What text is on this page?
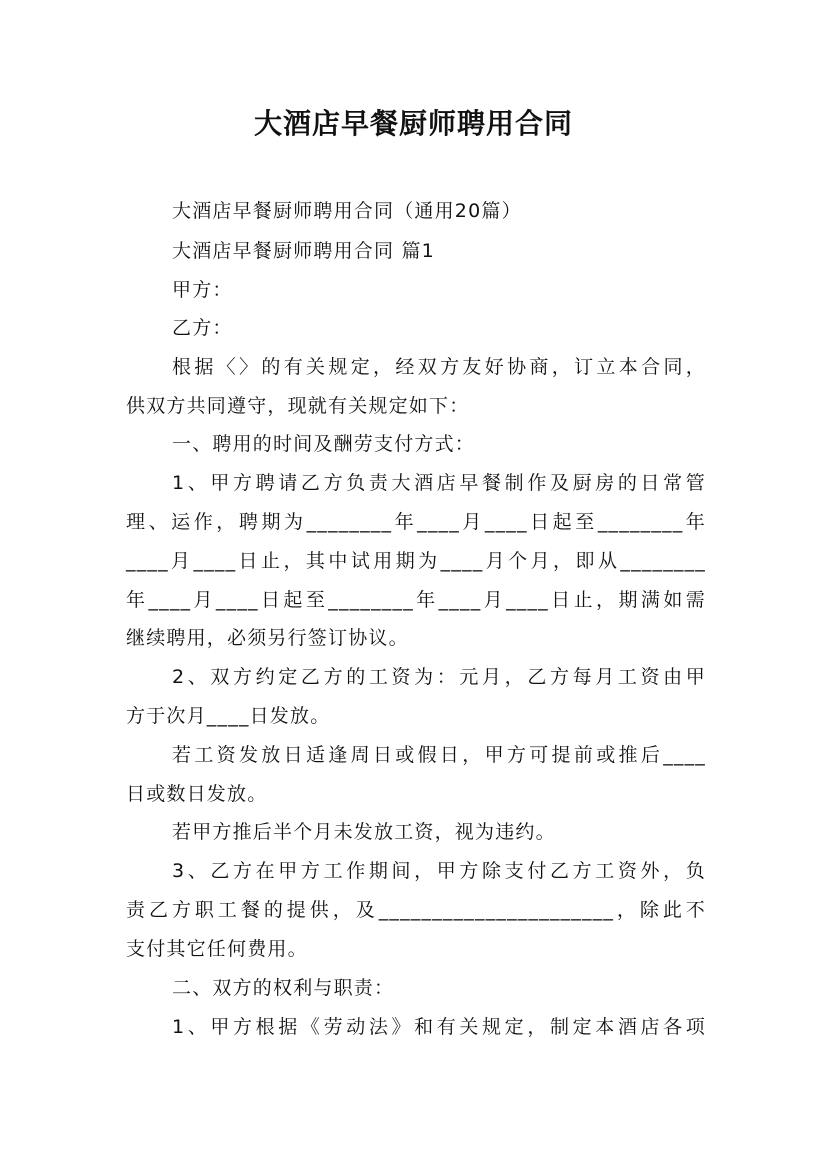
大酒店早餐厨师聘用合同
大酒店早餐厨师聘用合同（通用20篇）
大酒店早餐厨师聘用合同 篇1
甲方：
乙方：
根据〈〉的有关规定，经双方友好协商，订立本合同，
供双方共同遵守，现就有关规定如下：
一、聘用的时间及酬劳支付方式：
1、甲方聘请乙方负责大酒店早餐制作及厨房的日常管
理、运作，聘期为________年____月____日起至________年
____月____日止，其中试用期为____月个月，即从________
年____月____日起至________年____月____日止，期满如需
继续聘用，必须另行签订协议。
2、双方约定乙方的工资为：元月，乙方每月工资由甲
方于次月____日发放。
若工资发放日适逢周日或假日，甲方可提前或推后____
日或数日发放。
若甲方推后半个月未发放工资，视为违约。
3、乙方在甲方工作期间，甲方除支付乙方工资外，负
责乙方职工餐的提供，及______________________，除此不
支付其它任何费用。
二、双方的权利与职责：
1、甲方根据《劳动法》和有关规定，制定本酒店各项
